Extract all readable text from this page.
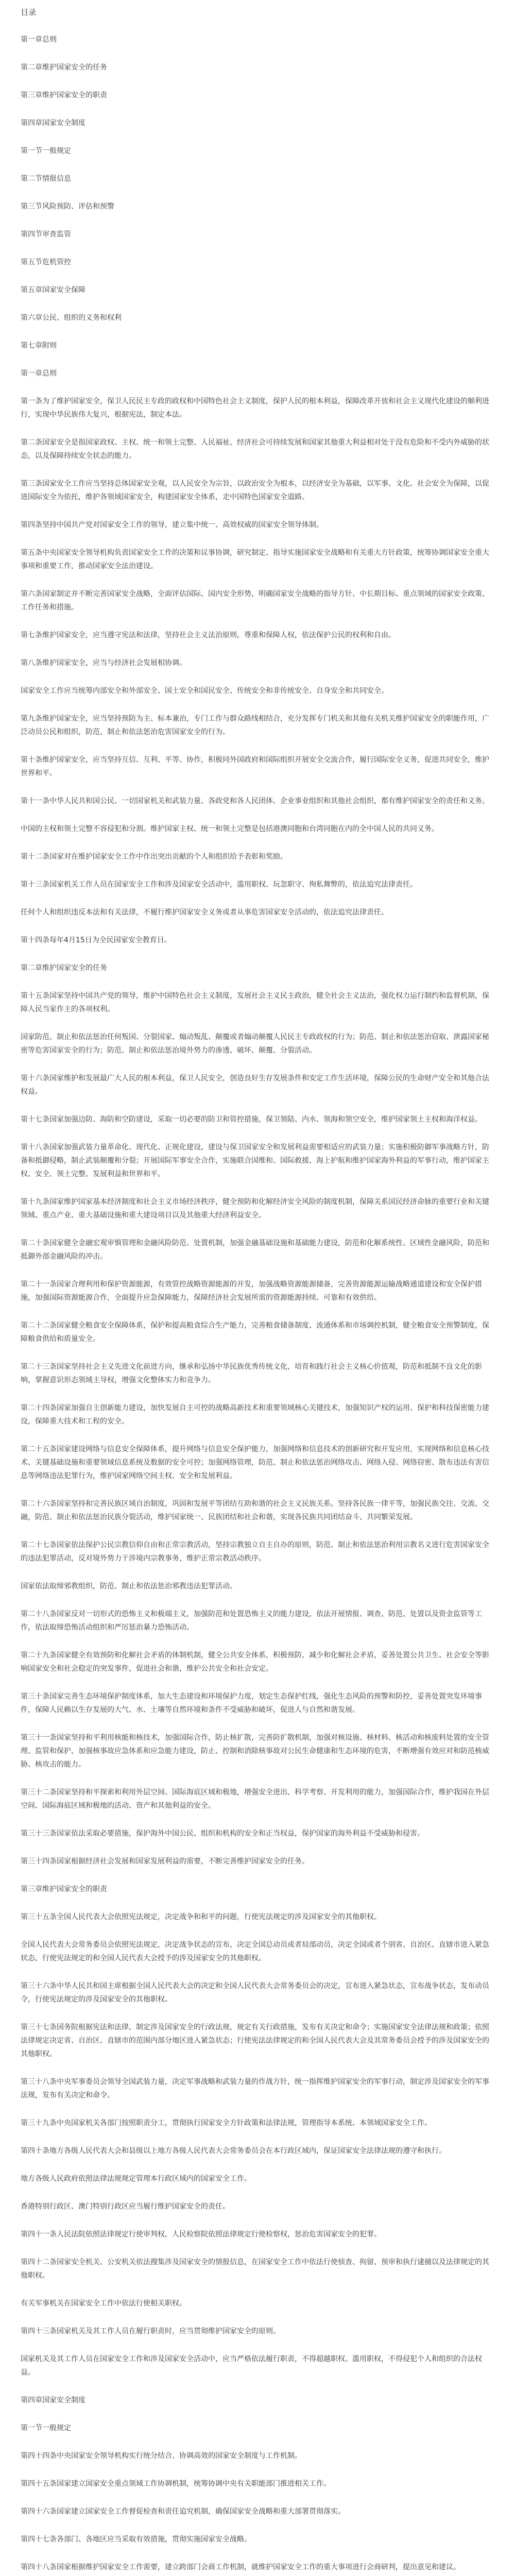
目录
第一章总则
第二章维护国家安全的任务
第三章维护国家安全的职责
第四章国家安全制度
第一节一般规定
第二节情报信息
第三节风险预防、评估和预警
第四节审查监管
第五节危机管控
第五章国家安全保障
第六章公民、组织的义务和权利
第七章附则
第一章总则
第一条为了维护国家安全，保卫人民民主专政的政权和中国特色社会主义制度，保护人民的根本利益，保障改革开放和社会主义现代化建设的顺利进行，实现中华民族伟大复兴，根据宪法，制定本法。
第二条国家安全是指国家政权、主权、统一和领土完整、人民福祉、经济社会可持续发展和国家其他重大利益相对处于没有危险和不受内外威胁的状态，以及保障持续安全状态的能力。
第三条国家安全工作应当坚持总体国家安全观，以人民安全为宗旨，以政治安全为根本，以经济安全为基础，以军事、文化、社会安全为保障，以促进国际安全为依托，维护各领域国家安全，构建国家安全体系，走中国特色国家安全道路。
第四条坚持中国共产党对国家安全工作的领导，建立集中统一、高效权威的国家安全领导体制。
第五条中央国家安全领导机构负责国家安全工作的决策和议事协调，研究制定、指导实施国家安全战略和有关重大方针政策，统筹协调国家安全重大事项和重要工作，推动国家安全法治建设。
第六条国家制定并不断完善国家安全战略，全面评估国际、国内安全形势，明确国家安全战略的指导方针、中长期目标、重点领域的国家安全政策、工作任务和措施。
第七条维护国家安全，应当遵守宪法和法律，坚持社会主义法治原则，尊重和保障人权，依法保护公民的权利和自由。
第八条维护国家安全，应当与经济社会发展相协调。
国家安全工作应当统筹内部安全和外部安全、国土安全和国民安全、传统安全和非传统安全、自身安全和共同安全。
第九条维护国家安全，应当坚持预防为主、标本兼治，专门工作与群众路线相结合，充分发挥专门机关和其他有关机关维护国家安全的职能作用，广泛动员公民和组织，防范、制止和依法惩治危害国家安全的行为。
第十条维护国家安全，应当坚持互信、互利、平等、协作，积极同外国政府和国际组织开展安全交流合作，履行国际安全义务，促进共同安全，维护世界和平。
第十一条中华人民共和国公民、一切国家机关和武装力量、各政党和各人民团体、企业事业组织和其他社会组织，都有维护国家安全的责任和义务。
中国的主权和领土完整不容侵犯和分割。维护国家主权、统一和领土完整是包括港澳同胞和台湾同胞在内的全中国人民的共同义务。
第十二条国家对在维护国家安全工作中作出突出贡献的个人和组织给予表彰和奖励。
第十三条国家机关工作人员在国家安全工作和涉及国家安全活动中，滥用职权、玩忽职守、徇私舞弊的，依法追究法律责任。
任何个人和组织违反本法和有关法律，不履行维护国家安全义务或者从事危害国家安全活动的，依法追究法律责任。
第十四条每年4月15日为全民国家安全教育日。
第二章维护国家安全的任务
第十五条国家坚持中国共产党的领导，维护中国特色社会主义制度，发展社会主义民主政治，健全社会主义法治，强化权力运行制约和监督机制，保障人民当家作主的各项权利。
国家防范、制止和依法惩治任何叛国、分裂国家、煽动叛乱、颠覆或者煽动颠覆人民民主专政政权的行为；防范、制止和依法惩治窃取、泄露国家秘密等危害国家安全的行为；防范、制止和依法惩治境外势力的渗透、破坏、颠覆、分裂活动。
第十六条国家维护和发展最广大人民的根本利益，保卫人民安全，创造良好生存发展条件和安定工作生活环境，保障公民的生命财产安全和其他合法权益。
第十七条国家加强边防、海防和空防建设，采取一切必要的防卫和管控措施，保卫领陆、内水、领海和领空安全，维护国家领土主权和海洋权益。
第十八条国家加强武装力量革命化、现代化、正规化建设，建设与保卫国家安全和发展利益需要相适应的武装力量；实施积极防御军事战略方针，防备和抵御侵略，制止武装颠覆和分裂；开展国际军事安全合作，实施联合国维和、国际救援、海上护航和维护国家海外利益的军事行动，维护国家主权、安全、领土完整、发展利益和世界和平。
第十九条国家维护国家基本经济制度和社会主义市场经济秩序，健全预防和化解经济安全风险的制度机制，保障关系国民经济命脉的重要行业和关键领域、重点产业、重大基础设施和重大建设项目以及其他重大经济利益安全。
第二十条国家健全金融宏观审慎管理和金融风险防范、处置机制，加强金融基础设施和基础能力建设，防范和化解系统性、区域性金融风险，防范和抵御外部金融风险的冲击。
第二十一条国家合理利用和保护资源能源，有效管控战略资源能源的开发，加强战略资源能源储备，完善资源能源运输战略通道建设和安全保护措施，加强国际资源能源合作，全面提升应急保障能力，保障经济社会发展所需的资源能源持续、可靠和有效供给。
第二十二条国家健全粮食安全保障体系，保护和提高粮食综合生产能力，完善粮食储备制度、流通体系和市场调控机制，健全粮食安全预警制度，保障粮食供给和质量安全。
第二十三条国家坚持社会主义先进文化前进方向，继承和弘扬中华民族优秀传统文化，培育和践行社会主义核心价值观，防范和抵制不良文化的影响，掌握意识形态领域主导权，增强文化整体实力和竞争力。
第二十四条国家加强自主创新能力建设，加快发展自主可控的战略高新技术和重要领域核心关键技术，加强知识产权的运用、保护和科技保密能力建设，保障重大技术和工程的安全。
第二十五条国家建设网络与信息安全保障体系，提升网络与信息安全保护能力，加强网络和信息技术的创新研究和开发应用，实现网络和信息核心技术、关键基础设施和重要领域信息系统及数据的安全可控；加强网络管理，防范、制止和依法惩治网络攻击、网络入侵、网络窃密、散布违法有害信息等网络违法犯罪行为，维护国家网络空间主权、安全和发展利益。
第二十六条国家坚持和完善民族区域自治制度，巩固和发展平等团结互助和谐的社会主义民族关系。坚持各民族一律平等，加强民族交往、交流、交融，防范、制止和依法惩治民族分裂活动，维护国家统一、民族团结和社会和谐，实现各民族共同团结奋斗、共同繁荣发展。
第二十七条国家依法保护公民宗教信仰自由和正常宗教活动，坚持宗教独立自主自办的原则，防范、制止和依法惩治利用宗教名义进行危害国家安全的违法犯罪活动，反对境外势力干涉境内宗教事务，维护正常宗教活动秩序。
国家依法取缔邪教组织，防范、制止和依法惩治邪教违法犯罪活动。
第二十八条国家反对一切形式的恐怖主义和极端主义，加强防范和处置恐怖主义的能力建设，依法开展情报、调查、防范、处置以及资金监管等工作，依法取缔恐怖活动组织和严厉惩治暴力恐怖活动。
第二十九条国家健全有效预防和化解社会矛盾的体制机制，健全公共安全体系，积极预防、减少和化解社会矛盾，妥善处置公共卫生、社会安全等影响国家安全和社会稳定的突发事件，促进社会和谐，维护公共安全和社会安定。
第三十条国家完善生态环境保护制度体系，加大生态建设和环境保护力度，划定生态保护红线，强化生态风险的预警和防控，妥善处置突发环境事件，保障人民赖以生存发展的大气、水、土壤等自然环境和条件不受威胁和破坏，促进人与自然和谐发展。
第三十一条国家坚持和平利用核能和核技术，加强国际合作，防止核扩散，完善防扩散机制，加强对核设施、核材料、核活动和核废料处置的安全管理、监管和保护，加强核事故应急体系和应急能力建设，防止、控制和消除核事故对公民生命健康和生态环境的危害，不断增强有效应对和防范核威胁、核攻击的能力。
第三十二条国家坚持和平探索和利用外层空间、国际海底区域和极地，增强安全进出、科学考察、开发利用的能力，加强国际合作，维护我国在外层空间、国际海底区域和极地的活动、资产和其他利益的安全。
第三十三条国家依法采取必要措施，保护海外中国公民、组织和机构的安全和正当权益，保护国家的海外利益不受威胁和侵害。
第三十四条国家根据经济社会发展和国家发展利益的需要，不断完善维护国家安全的任务。
第三章维护国家安全的职责
第三十五条全国人民代表大会依照宪法规定，决定战争和和平的问题，行使宪法规定的涉及国家安全的其他职权。
全国人民代表大会常务委员会依照宪法规定，决定战争状态的宣布，决定全国总动员或者局部动员，决定全国或者个别省、自治区、直辖市进入紧急状态，行使宪法规定的和全国人民代表大会授予的涉及国家安全的其他职权。
第三十六条中华人民共和国主席根据全国人民代表大会的决定和全国人民代表大会常务委员会的决定，宣布进入紧急状态，宣布战争状态，发布动员令，行使宪法规定的涉及国家安全的其他职权。
第三十七条国务院根据宪法和法律，制定涉及国家安全的行政法规，规定有关行政措施，发布有关决定和命令；实施国家安全法律法规和政策；依照法律规定决定省、自治区、直辖市的范围内部分地区进入紧急状态；行使宪法法律规定的和全国人民代表大会及其常务委员会授予的涉及国家安全的其他职权。
第三十八条中央军事委员会领导全国武装力量，决定军事战略和武装力量的作战方针，统一指挥维护国家安全的军事行动，制定涉及国家安全的军事法规，发布有关决定和命令。
第三十九条中央国家机关各部门按照职责分工，贯彻执行国家安全方针政策和法律法规，管理指导本系统、本领域国家安全工作。
第四十条地方各级人民代表大会和县级以上地方各级人民代表大会常务委员会在本行政区域内，保证国家安全法律法规的遵守和执行。
地方各级人民政府依照法律法规规定管理本行政区域内的国家安全工作。
香港特别行政区、澳门特别行政区应当履行维护国家安全的责任。
第四十一条人民法院依照法律规定行使审判权，人民检察院依照法律规定行使检察权，惩治危害国家安全的犯罪。
第四十二条国家安全机关、公安机关依法搜集涉及国家安全的情报信息，在国家安全工作中依法行使侦查、拘留、预审和执行逮捕以及法律规定的其他职权。
有关军事机关在国家安全工作中依法行使相关职权。
第四十三条国家机关及其工作人员在履行职责时，应当贯彻维护国家安全的原则。
国家机关及其工作人员在国家安全工作和涉及国家安全活动中，应当严格依法履行职责，不得超越职权、滥用职权，不得侵犯个人和组织的合法权益。
第四章国家安全制度
第一节一般规定
第四十四条中央国家安全领导机构实行统分结合、协调高效的国家安全制度与工作机制。
第四十五条国家建立国家安全重点领域工作协调机制，统筹协调中央有关职能部门推进相关工作。
第四十六条国家建立国家安全工作督促检查和责任追究机制，确保国家安全战略和重大部署贯彻落实。
第四十七条各部门、各地区应当采取有效措施，贯彻实施国家安全战略。
第四十八条国家根据维护国家安全工作需要，建立跨部门会商工作机制，就维护国家安全工作的重大事项进行会商研判，提出意见和建议。
